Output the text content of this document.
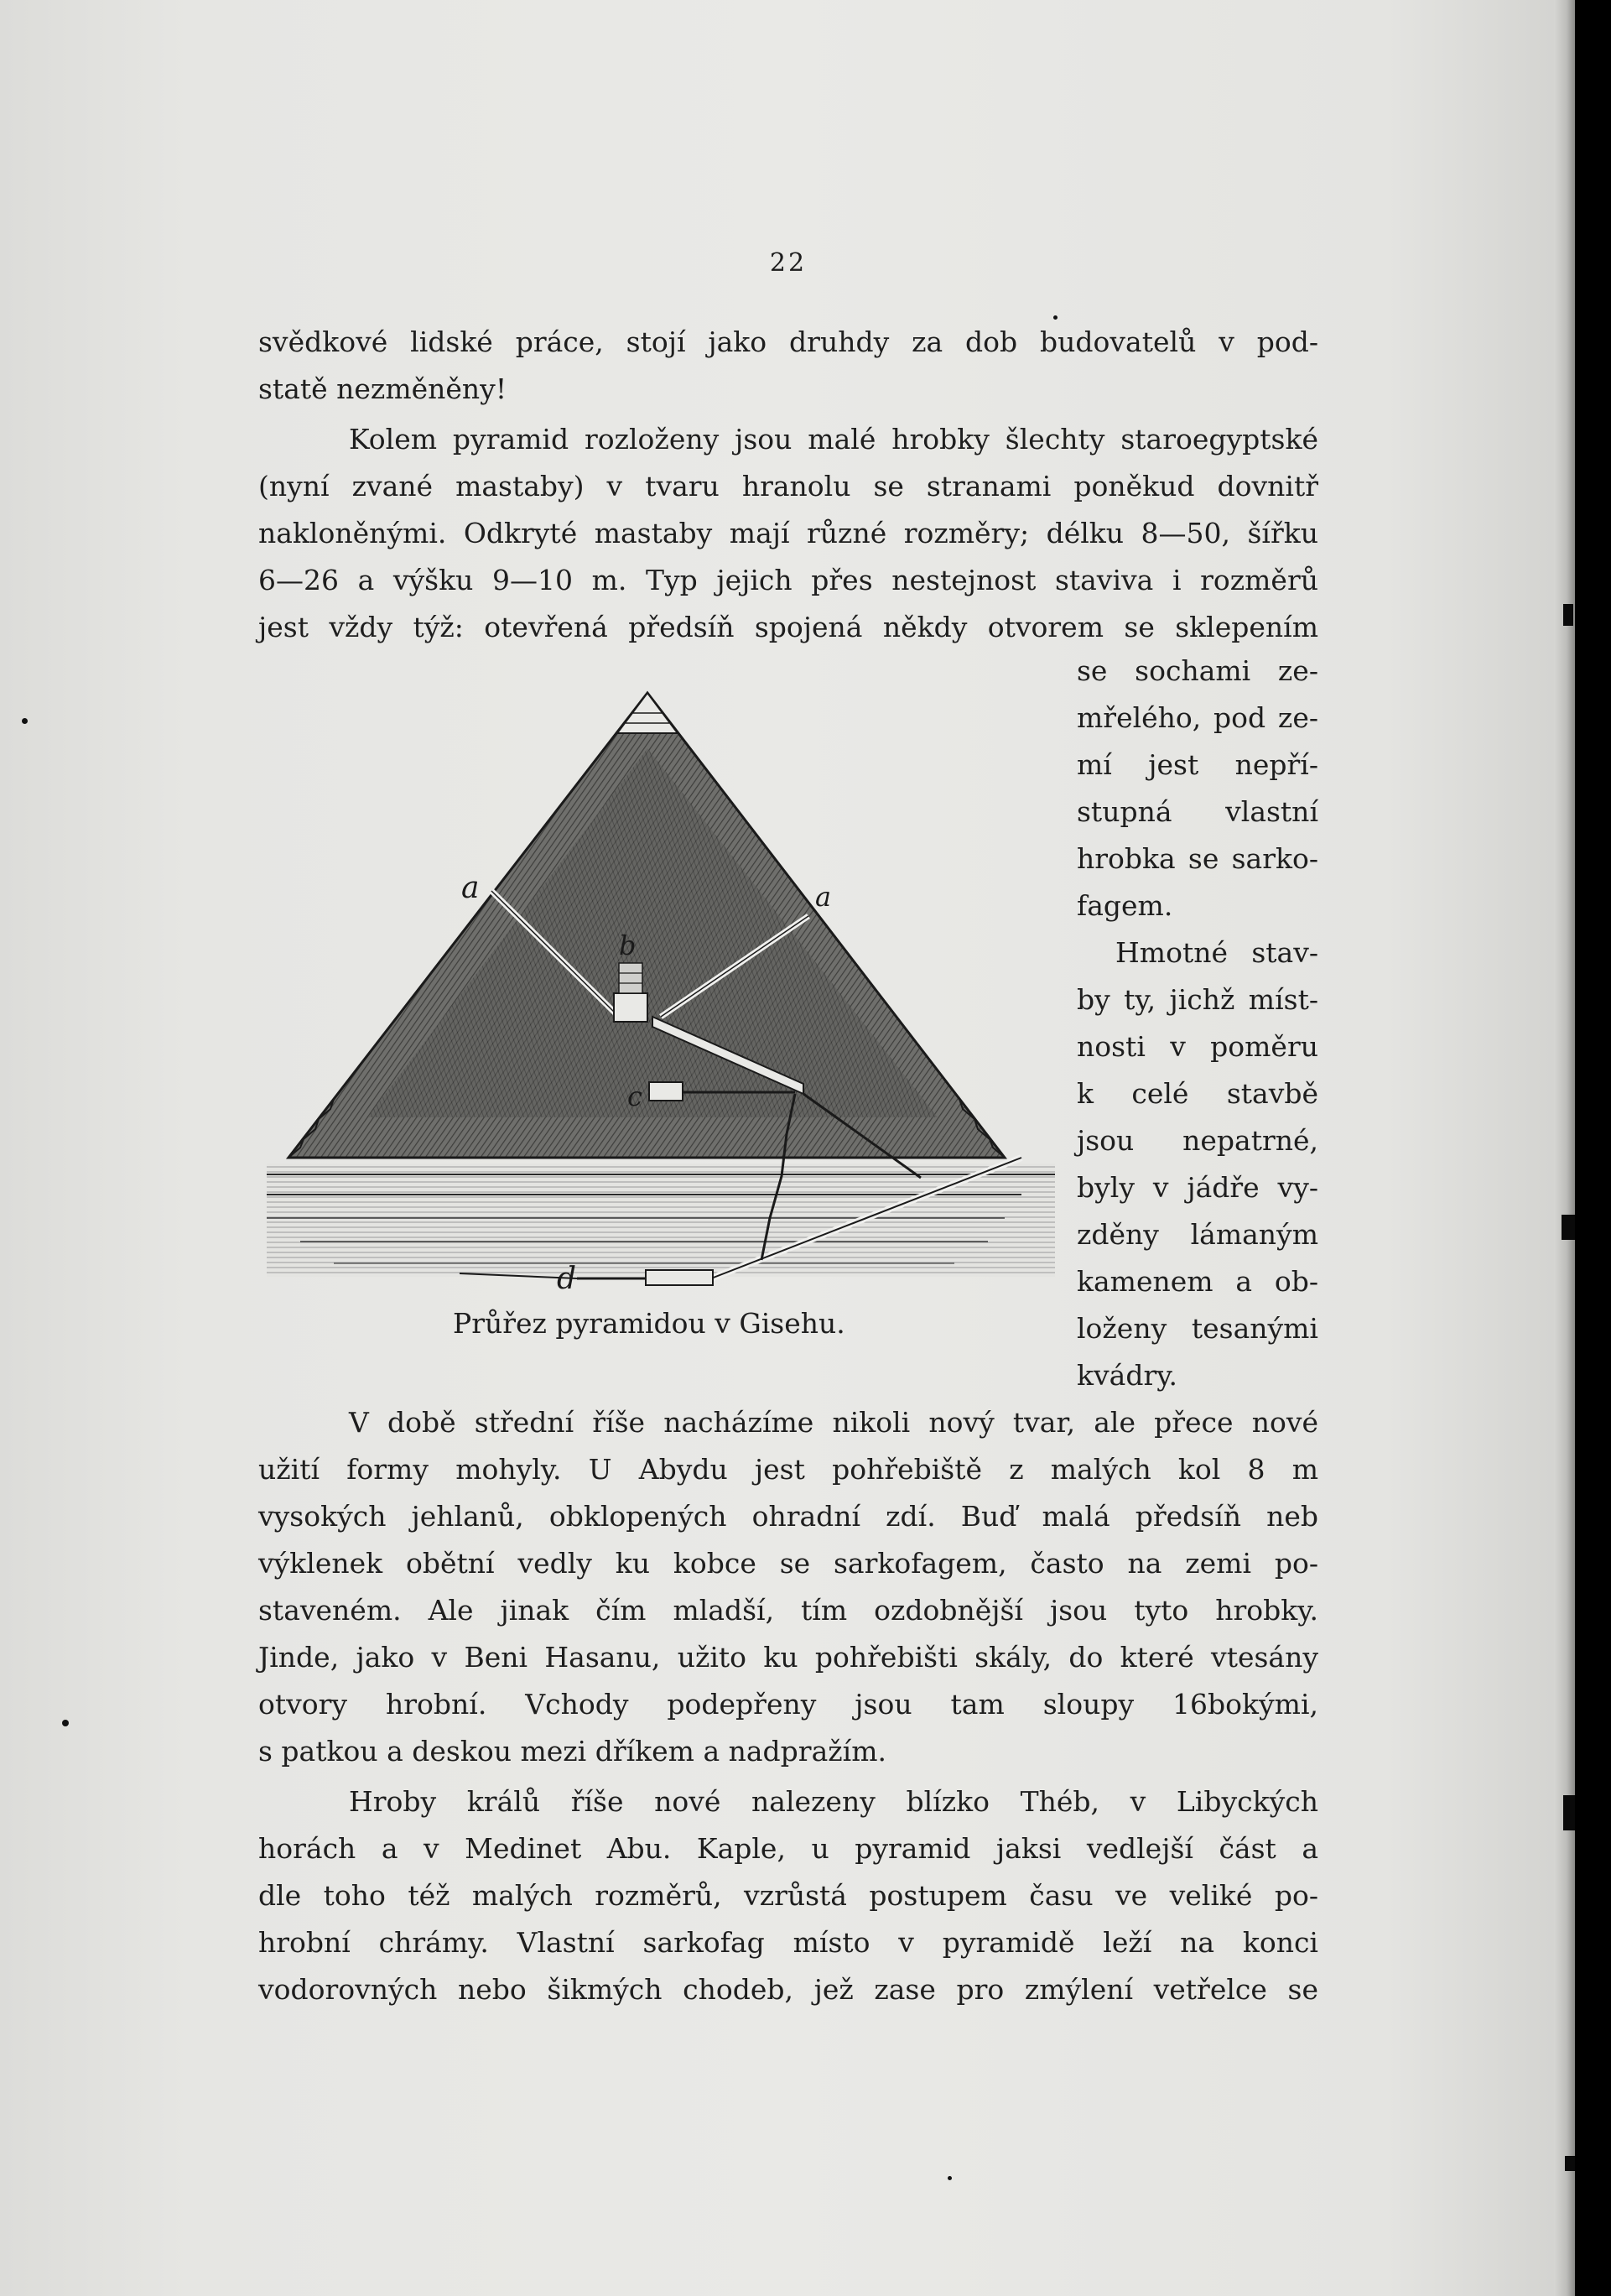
22
svědkové lidské práce, stojí jako druhdy za dob budovatelů v pod-
statě nezměněny!
Kolem pyramid rozloženy jsou malé hrobky šlechty staroegyptské
(nyní zvané mastaby) v tvaru hranolu se stranami poněkud dovnitř
nakloněnými. Odkryté mastaby mají různé rozměry; délku 8—50, šířku
6—26 a výšku 9—10 m. Typ jejich přes nestejnost staviva i rozměrů
jest vždy týž: otevřená předsíň spojená někdy otvorem se sklepením
se sochami ze-
mřelého, pod ze-
mí jest nepří-
stupná vlastní
hrobka se sarko-
fagem.
Hmotné stav-
by ty, jichž míst-
nosti v poměru
k celé stavbě
jsou nepatrné,
byly v jádře vy-
zděny lámaným
kamenem a ob-
loženy tesanými
kvádry.
a	a
b
c
d
Průřez pyramidou v Gisehu.
V době střední říše nacházíme nikoli nový tvar, ale přece nové
užití formy mohyly. U Abydu jest pohřebiště z malých kol 8 m
vysokých jehlanů, obklopených ohradní zdí. Buď malá předsíň neb
výklenek obětní vedly ku kobce se sarkofagem, často na zemi po-
staveném. Ale jinak čím mladší, tím ozdobnější jsou tyto hrobky.
Jinde, jako v Beni Hasanu, užito ku pohřebišti skály, do které vtesány
otvory hrobní. Vchody podepřeny jsou tam sloupy 16bokými,
s patkou a deskou mezi dříkem a nadpražím.
Hroby králů říše nové nalezeny blízko Théb, v Libyckých
horách a v Medinet Abu. Kaple, u pyramid jaksi vedlejší část a
dle toho též malých rozměrů, vzrůstá postupem času ve veliké po-
hrobní chrámy. Vlastní sarkofag místo v pyramidě leží na konci
vodorovných nebo šikmých chodeb, jež zase pro zmýlení vetřelce se
